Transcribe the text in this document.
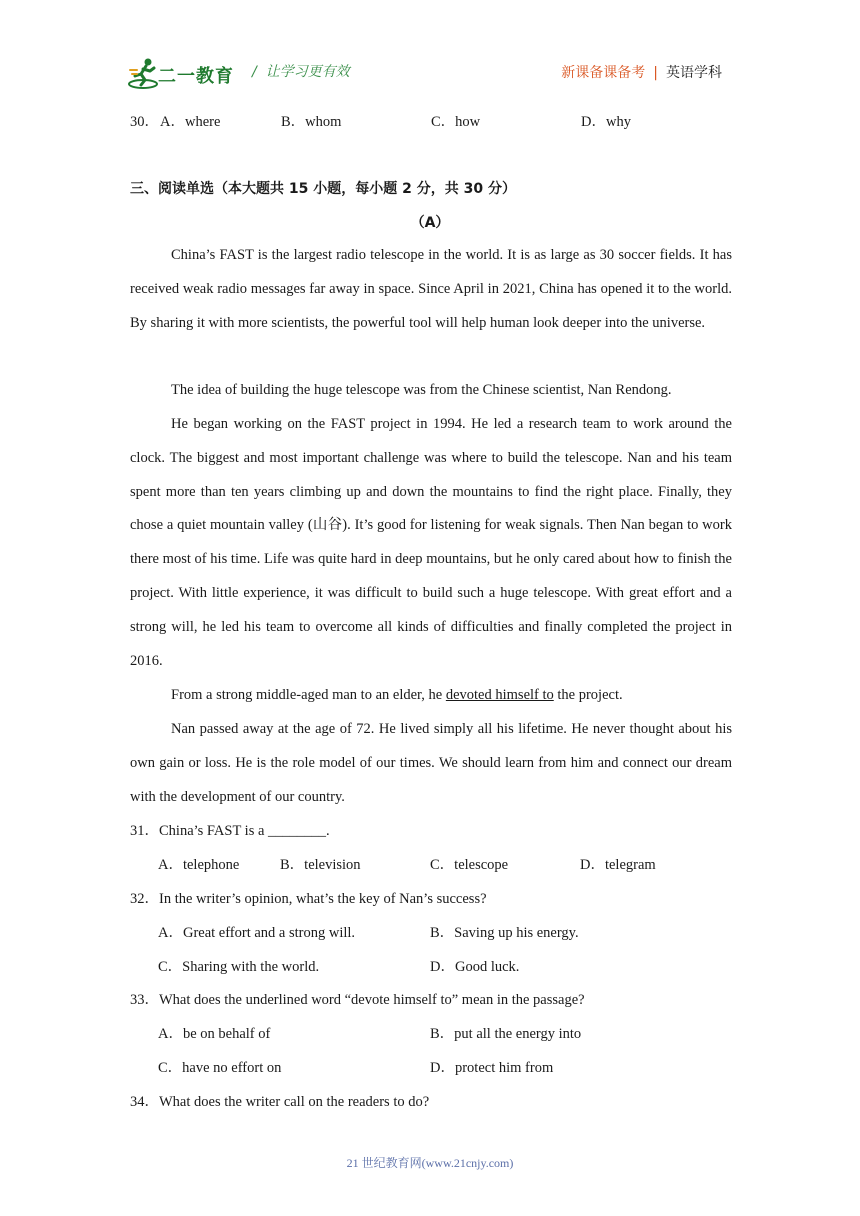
二一教育 /  让学习更有效	新课备课备考 | 英语学科
30． A．where	B．whom	C．how	D．why
三、阅读单选（本大题共 15 小题，每小题 2 分，共 30 分）
（A）
China’s FAST is the largest radio telescope in the world. It is as large as 30 soccer fields. It has received weak radio messages far away in space. Since April in 2021, China has opened it to the world. By sharing it with more scientists, the powerful tool will help human look deeper into the universe.
The idea of building the huge telescope was from the Chinese scientist, Nan Rendong.
He began working on the FAST project in 1994. He led a research team to work around the clock. The biggest and most important challenge was where to build the telescope. Nan and his team spent more than ten years climbing up and down the mountains to find the right place. Finally, they chose a quiet mountain valley (山谷). It’s good for listening for weak signals. Then Nan began to work there most of his time. Life was quite hard in deep mountains, but he only cared about how to finish the project. With little experience, it was difficult to build such a huge telescope. With great effort and a strong will, he led his team to overcome all kinds of difficulties and finally completed the project in 2016.
From a strong middle-aged man to an elder, he devoted himself to the project.
Nan passed away at the age of 72. He lived simply all his lifetime. He never thought about his own gain or loss. He is the role model of our times. We should learn from him and connect our dream with the development of our country.
31．China’s FAST is a ________.
A．telephone	B．television	C．telescope	D．telegram
32．In the writer’s opinion, what’s the key of Nan’s success?
A．Great effort and a strong will.	B．Saving up his energy.
C．Sharing with the world.	D．Good luck.
33．What does the underlined word “devote himself to” mean in the passage?
A．be on behalf of	B．put all the energy into
C．have no effort on	D．protect him from
34．What does the writer call on the readers to do?
21 世纪教育网(www.21cnjy.com)
